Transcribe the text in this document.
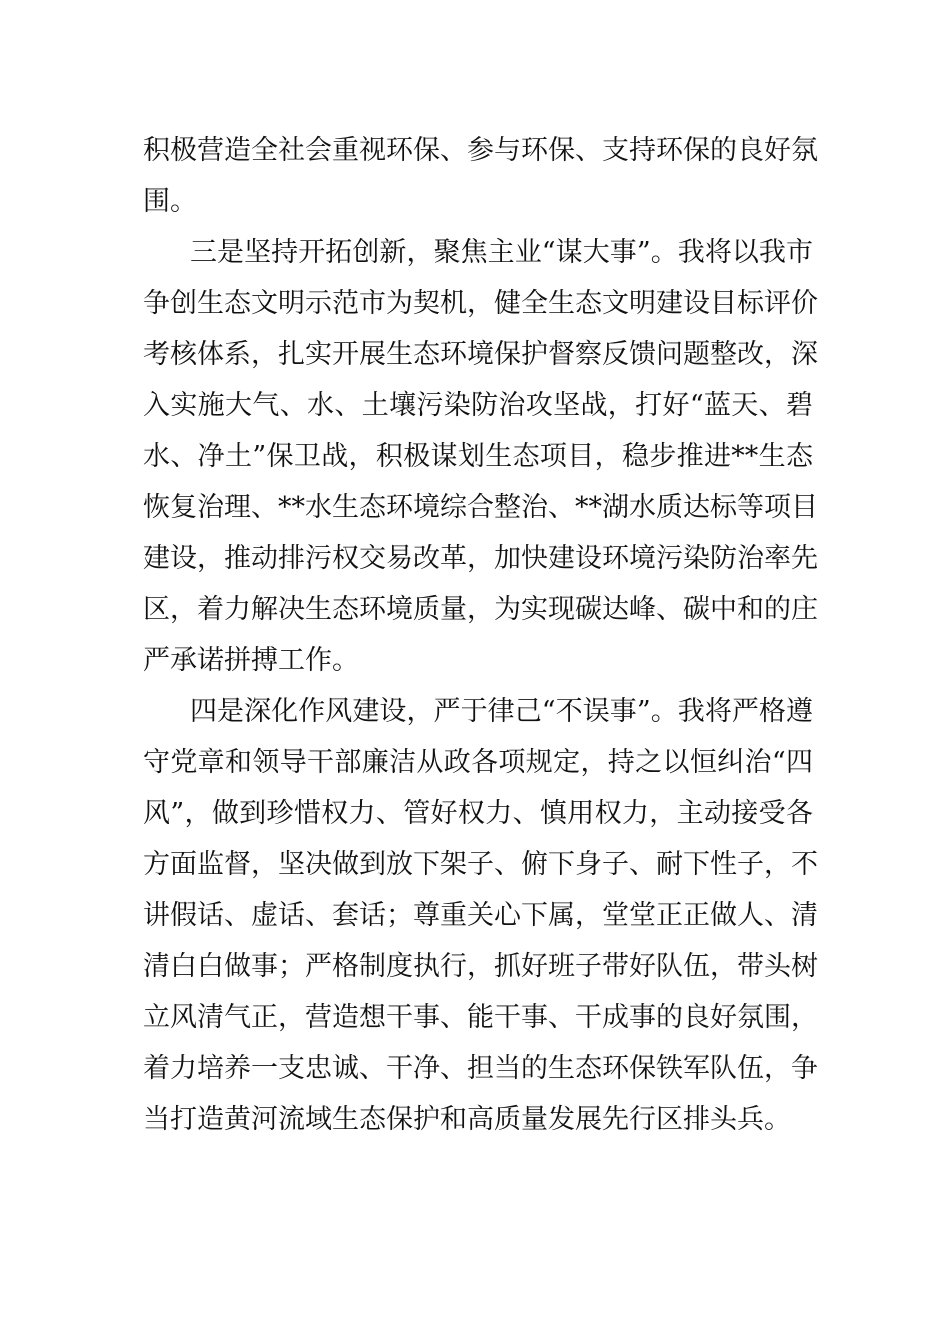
积极营造全社会重视环保、参与环保、支持环保的良好氛
围。
三是坚持开拓创新，聚焦主业“谋大事”。我将以我市
争创生态文明示范市为契机，健全生态文明建设目标评价
考核体系，扎实开展生态环境保护督察反馈问题整改，深
入实施大气、水、土壤污染防治攻坚战，打好“蓝天、碧
水、净土”保卫战，积极谋划生态项目，稳步推进**生态
恢复治理、**水生态环境综合整治、**湖水质达标等项目
建设，推动排污权交易改革，加快建设环境污染防治率先
区，着力解决生态环境质量，为实现碳达峰、碳中和的庄
严承诺拼搏工作。
四是深化作风建设，严于律己“不误事”。我将严格遵
守党章和领导干部廉洁从政各项规定，持之以恒纠治“四
风”，做到珍惜权力、管好权力、慎用权力，主动接受各
方面监督，坚决做到放下架子、俯下身子、耐下性子，不
讲假话、虚话、套话；尊重关心下属，堂堂正正做人、清
清白白做事；严格制度执行，抓好班子带好队伍，带头树
立风清气正，营造想干事、能干事、干成事的良好氛围，
着力培养一支忠诚、干净、担当的生态环保铁军队伍，争
当打造黄河流域生态保护和高质量发展先行区排头兵。
